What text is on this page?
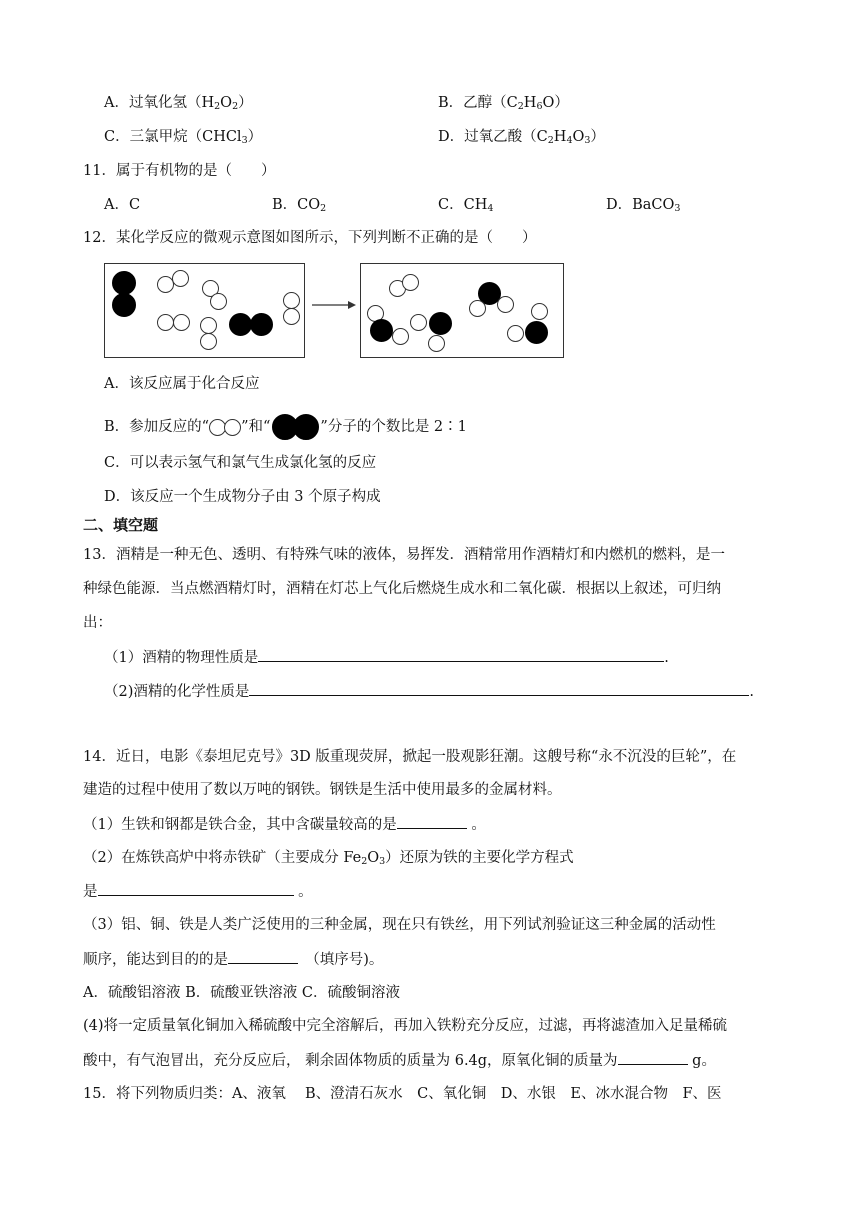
A．过氧化氢$(H_2O_2)$	B．乙醇$(C_2H_6O)$
C．三氯甲烷（CHCl$_3$）	D．过氧乙酸$(C_2H_4O_3)$
11．属于有机物的是（　　）
A．C	B．$CO_2$	C．$CH_4$	D．BaCO$_3$
12．某化学反应的微观示意图如图所示，下列判断不正确的是（　　）
A．该反应属于化合反应
B．参加反应的“ ”和“	”分子的个数比是 2∶1
C．可以表示氢气和氯气生成氯化氢的反应
D．该反应一个生成物分子由 3 个原子构成
二、填空题
13．酒精是一种无色、透明、有特殊气味的液体，易挥发．酒精常用作酒精灯和内燃机的燃料，是一
种绿色能源．当点燃酒精灯时，酒精在灯芯上气化后燃烧生成水和二氧化碳．根据以上叙述，可归纳
出：
（1）酒精的物理性质是	.
（2)酒精的化学性质是	.
14．近日，电影《泰坦尼克号》3D 版重现荧屏，掀起一股观影狂潮。这艘号称“永不沉没的巨轮”，在
建造的过程中使用了数以万吨的钢铁。钢铁是生活中使用最多的金属材料。
（1）生铁和钢都是铁合金，其中含碳量较高的是	。
（2）在炼铁高炉中将赤铁矿（主要成分 $Fe_2O_3$）还原为铁的主要化学方程式
是	。
（3）铝、铜、铁是人类广泛使用的三种金属，现在只有铁丝，用下列试剂验证这三种金属的活动性
顺序，能达到目的的是	　（填序号)。
A．硫酸铝溶液 B．硫酸亚铁溶液 C．硫酸铜溶液
(4)将一定质量氧化铜加入稀硫酸中完全溶解后，再加入铁粉充分反应，过滤，再将滤渣加入足量稀硫
酸中，有气泡冒出，充分反应后， 剩余固体物质的质量为 6.4g，原氧化铜的质量为	g。
15．将下列物质归类：A、液氧　 B、澄清石灰水　C、氧化铜　D、水银　E、冰水混合物　F、医
